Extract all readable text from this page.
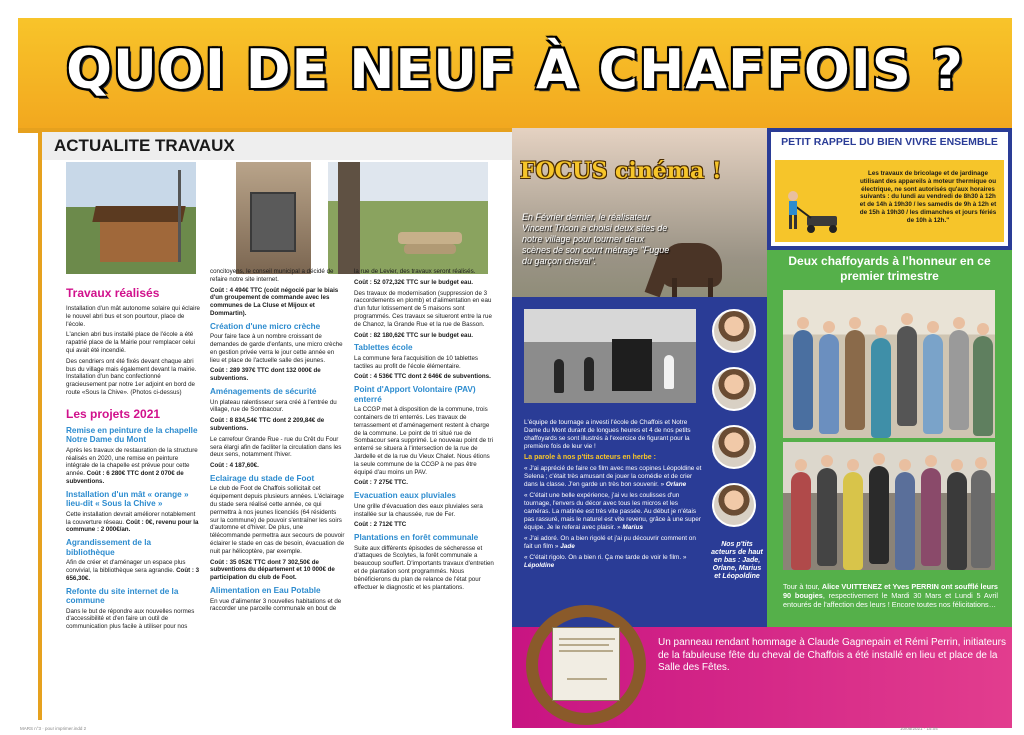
QUOI DE NEUF À CHAFFOIS ?
ACTUALITE TRAVAUX
Travaux réalisés

Installation d'un mât autonome solaire qui éclaire le nouvel abri bus et son pourtour, place de l'école.

L'ancien abri bus installé place de l'école a été rapatrié place de la Mairie pour remplacer celui qui avait été incendié.

Des cendriers ont été fixés devant chaque abri bus du village mais également devant la mairie. Installation d'un banc confectionné gracieusement par notre 1er adjoint en bord de route «Sous la Chive». (Photos ci-dessus)

Les projets 2021
Remise en peinture de la chapelle Notre Dame du Mont

Après les travaux de restauration de la structure réalisés en 2020, une remise en peinture intégrale de la chapelle est prévue pour cette année. Coût : 6 280€ TTC dont 2 070€ de subventions.

Installation d'un mât « orange » lieu-dit « Sous la Chive »

Cette installation devrait améliorer notablement la couverture réseau. Coût : 0€, revenu pour la commune : 2 000€/an.

Agrandissement de la bibliothèque

Afin de créer et d'aménager un espace plus convivial, la bibliothèque sera agrandie. Coût : 3 656,30€.

Refonte du site internet de la commune

Dans le but de répondre aux nouvelles normes d'accessibilité et d'en faire un outil de communication plus facile à utiliser pour nos

concitoyens, le conseil municipal a décidé de refaire notre site internet.

Coût : 4 494€ TTC (coût négocié par le biais d'un groupement de commande avec les communes de La Cluse et Mijoux et Dommartin).

Création d'une micro crèche

Pour faire face à un nombre croissant de demandes de garde d'enfants, une micro crèche en gestion privée verra le jour cette année en lieu et place de l'actuelle salle des jeunes.

Coût : 289 397€ TTC dont 132 000€ de subventions.

Aménagements de sécurité

Un plateau ralentisseur sera créé à l'entrée du village, rue de Sombacour.

Coût : 8 834,54€ TTC dont 2 209,84€ de subventions.

Le carrefour Grande Rue - rue du Crêt du Four sera élargi afin de faciliter la circulation dans les deux sens, notamment l'hiver.

Coût : 4 187,60€.

Eclairage du stade de Foot

Le club de Foot de Chaffois sollicitait cet équipement depuis plusieurs années. L'éclairage du stade sera réalisé cette année, ce qui permettra à nos jeunes licenciés (64 résidents sur la commune) de pouvoir s'entraîner les soirs d'automne et d'hiver. De plus, une télécommande permettra aux secours de pouvoir éclairer le stade en cas de besoin, évacuation de nuit par hélicoptère, par exemple.

Coût : 35 052€ TTC dont 7 302,50€ de subventions du département et 10 000€ de participation du club de Foot.

Alimentation en Eau Potable

En vue d'alimenter 3 nouvelles habitations et de raccorder une parcelle communale en bout de

la rue de Levier, des travaux seront réalisés.

Coût : 52 072,32€ TTC sur le budget eau.

Des travaux de modernisation (suppression de 3 raccordements en plomb) et d'alimentation en eau d'un futur lotissement de 5 maisons sont programmés. Ces travaux se situeront entre la rue de Chanoz, la Grande Rue et la rue de Basson.

Coût : 82 180,62€ TTC sur le budget eau.

Tablettes école

La commune fera l'acquisition de 10 tablettes tactiles au profit de l'école élémentaire.

Coût : 4 536€ TTC dont 2 646€ de subventions.

Point d'Apport Volontaire (PAV) enterré

La CCGP met à disposition de la commune, trois containers de tri enterrés. Les travaux de terrassement et d'aménagement restent à charge de la commune. Le point de tri situé rue de Sombacour sera supprimé. Le nouveau point de tri enterré se situera à l'intersection de la rue de Jardelle et de la rue du Vieux Chalet. Nous étions la seule commune de la CCGP à ne pas être équipé d'au moins un PAV.

Coût : 7 275€ TTC.

Evacuation eaux pluviales

Une grille d'évacuation des eaux pluviales sera installée sur la chaussée, rue de Fer.

Coût : 2 712€ TTC

Plantations en forêt communale

Suite aux différents épisodes de sécheresse et d'attaques de Scolytes, la forêt communale a beaucoup souffert. D'importants travaux d'entretien et de plantation sont programmés. Nous bénéficierons du plan de relance de l'état pour effectuer le diagnostic et les plantations.

FOCUS cinéma !
En Février dernier, le réalisateur Vincent Tricon a choisi deux sites de notre village pour tourner deux scènes de son court métrage "Fugue du garçon cheval".

L'équipe de tournage a investi l'école de Chaffois et Notre Dame du Mont durant de longues heures et 4 de nos petits chaffoyards se sont illustrés à l'exercice de figurant pour la première fois de leur vie !

La parole à nos p'tits acteurs en herbe :

« J'ai apprécié de faire ce film avec mes copines Léopoldine et Selena ; c'était très amusant de jouer la comédie et de crier dans la classe. J'en garde un très bon souvenir. » Orlane

« C'était une belle expérience, j'ai vu les coulisses d'un tournage, l'envers du décor avec tous les micros et les caméras. La matinée est très vite passée. Au début je n'étais pas rassuré, mais le naturel est vite revenu, grâce à une super équipe. Je le referai avec plaisir. » Marius

« J'ai adoré. On a bien rigolé et j'ai pu découvrir comment on fait un film » Jade

« C'était rigolo. On a bien ri. Ça me tarde de voir le film. » Lépoldine

Nos p'tits acteurs de haut en bas : Jade, Orlane, Marius et Léopoldine
PETIT RAPPEL DU BIEN VIVRE ENSEMBLE
Les travaux de bricolage et de jardinage utilisant des appareils à moteur thermique ou électrique, ne sont autorisés qu'aux horaires suivants : du lundi au vendredi de 8h30 à 12h et de 14h à 19h30 / les samedis de 9h à 12h et de 15h à 19h30 / les dimanches et jours fériés de 10h à 12h."
Deux chaffoyards à l'honneur en ce premier trimestre
Tour à tour, Alice VUITTENEZ et Yves PERRIN ont soufflé leurs 90 bougies, respectivement le Mardi 30 Mars et Lundi 5 Avril entourés de l'affection des leurs ! Encore toutes nos félicitations…
Un panneau rendant hommage à Claude Gagnepain et Rémi Perrin, initiateurs de la fabuleuse fête du cheval de Chaffois a été installé en lieu et place de la Salle des Fêtes.
MARS n°3 · pour imprimer.indd 2	10/05/2021 · 15:04
